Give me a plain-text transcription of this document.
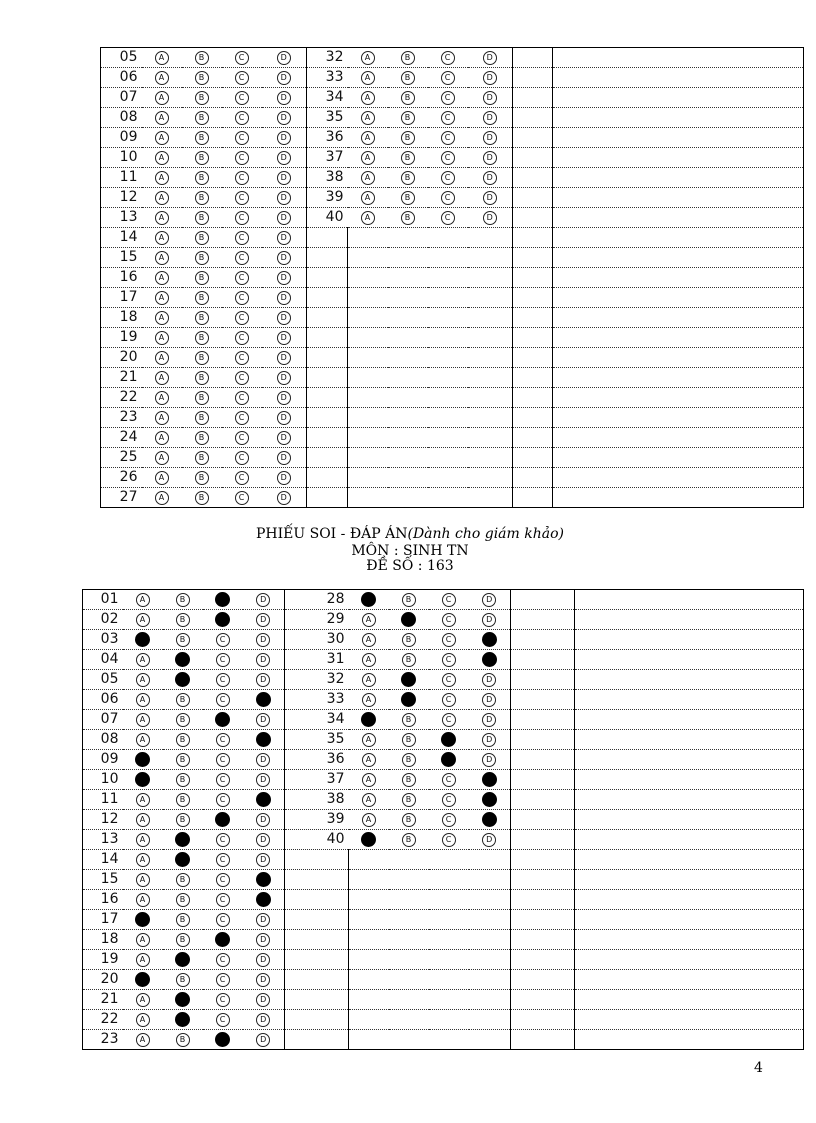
05	A	B	C	D	32	A	B	C	D		
06	A	B	C	D	33	A	B	C	D		
07	A	B	C	D	34	A	B	C	D		
08	A	B	C	D	35	A	B	C	D		
09	A	B	C	D	36	A	B	C	D		
10	A	B	C	D	37	A	B	C	D		
11	A	B	C	D	38	A	B	C	D		
12	A	B	C	D	39	A	B	C	D		
13	A	B	C	D	40	A	B	C	D		
14	A	B	C	D							
15	A	B	C	D							
16	A	B	C	D							
17	A	B	C	D							
18	A	B	C	D							
19	A	B	C	D							
20	A	B	C	D							
21	A	B	C	D							
22	A	B	C	D							
23	A	B	C	D							
24	A	B	C	D							
25	A	B	C	D							
26	A	B	C	D							
27	A	B	C	D							
PHIẾU SOI - ĐÁP ÁN(Dành cho giám khảo)
MÔN : SINH TN
ĐỀ SỐ : 163
01	A	B	C	D	28	A	B	C	D		
02	A	B	C	D	29	A	B	C	D		
03	A	B	C	D	30	A	B	C	D		
04	A	B	C	D	31	A	B	C	D		
05	A	B	C	D	32	A	B	C	D		
06	A	B	C	D	33	A	B	C	D		
07	A	B	C	D	34	A	B	C	D		
08	A	B	C	D	35	A	B	C	D		
09	A	B	C	D	36	A	B	C	D		
10	A	B	C	D	37	A	B	C	D		
11	A	B	C	D	38	A	B	C	D		
12	A	B	C	D	39	A	B	C	D		
13	A	B	C	D	40	A	B	C	D		
14	A	B	C	D							
15	A	B	C	D							
16	A	B	C	D							
17	A	B	C	D							
18	A	B	C	D							
19	A	B	C	D							
20	A	B	C	D							
21	A	B	C	D							
22	A	B	C	D							
23	A	B	C	D							
4
